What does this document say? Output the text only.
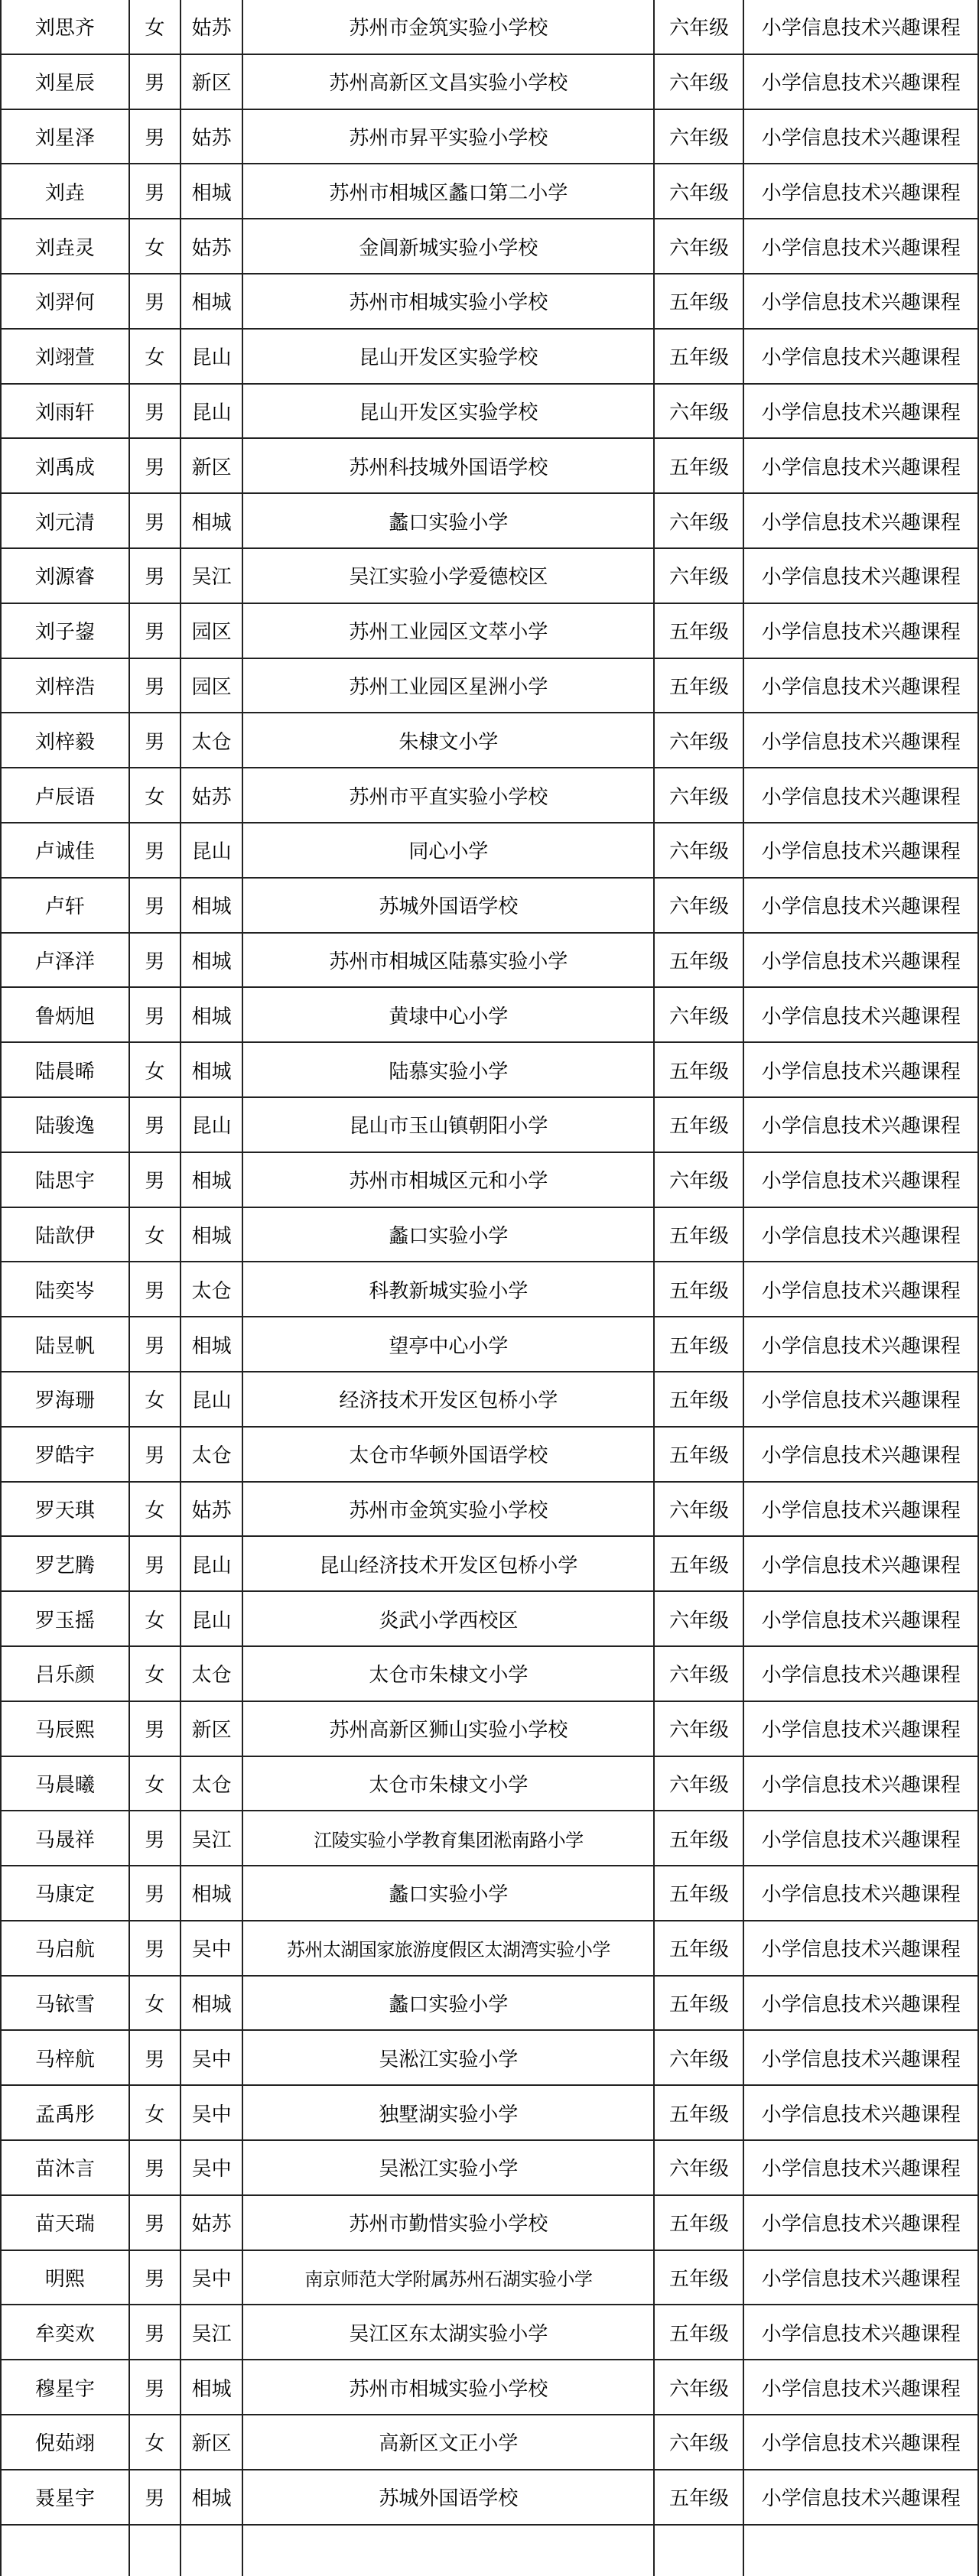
刘思齐	女	姑苏	苏州市金筑实验小学校	六年级	小学信息技术兴趣课程
刘星辰	男	新区	苏州高新区文昌实验小学校	六年级	小学信息技术兴趣课程
刘星泽	男	姑苏	苏州市昇平实验小学校	六年级	小学信息技术兴趣课程
刘垚	男	相城	苏州市相城区蠡口第二小学	六年级	小学信息技术兴趣课程
刘垚灵	女	姑苏	金阊新城实验小学校	六年级	小学信息技术兴趣课程
刘羿何	男	相城	苏州市相城实验小学校	五年级	小学信息技术兴趣课程
刘翊萱	女	昆山	昆山开发区实验学校	五年级	小学信息技术兴趣课程
刘雨轩	男	昆山	昆山开发区实验学校	六年级	小学信息技术兴趣课程
刘禹成	男	新区	苏州科技城外国语学校	五年级	小学信息技术兴趣课程
刘元清	男	相城	蠡口实验小学	六年级	小学信息技术兴趣课程
刘源睿	男	吴江	吴江实验小学爱德校区	六年级	小学信息技术兴趣课程
刘子鋆	男	园区	苏州工业园区文萃小学	五年级	小学信息技术兴趣课程
刘梓浩	男	园区	苏州工业园区星洲小学	五年级	小学信息技术兴趣课程
刘梓毅	男	太仓	朱棣文小学	六年级	小学信息技术兴趣课程
卢辰语	女	姑苏	苏州市平直实验小学校	六年级	小学信息技术兴趣课程
卢诚佳	男	昆山	同心小学	六年级	小学信息技术兴趣课程
卢轩	男	相城	苏城外国语学校	六年级	小学信息技术兴趣课程
卢泽洋	男	相城	苏州市相城区陆慕实验小学	五年级	小学信息技术兴趣课程
鲁炳旭	男	相城	黄埭中心小学	六年级	小学信息技术兴趣课程
陆晨晞	女	相城	陆慕实验小学	五年级	小学信息技术兴趣课程
陆骏逸	男	昆山	昆山市玉山镇朝阳小学	五年级	小学信息技术兴趣课程
陆思宇	男	相城	苏州市相城区元和小学	六年级	小学信息技术兴趣课程
陆歆伊	女	相城	蠡口实验小学	五年级	小学信息技术兴趣课程
陆奕岑	男	太仓	科教新城实验小学	五年级	小学信息技术兴趣课程
陆昱帆	男	相城	望亭中心小学	五年级	小学信息技术兴趣课程
罗海珊	女	昆山	经济技术开发区包桥小学	五年级	小学信息技术兴趣课程
罗皓宇	男	太仓	太仓市华顿外国语学校	五年级	小学信息技术兴趣课程
罗天琪	女	姑苏	苏州市金筑实验小学校	六年级	小学信息技术兴趣课程
罗艺腾	男	昆山	昆山经济技术开发区包桥小学	五年级	小学信息技术兴趣课程
罗玉摇	女	昆山	炎武小学西校区	六年级	小学信息技术兴趣课程
吕乐颜	女	太仓	太仓市朱棣文小学	六年级	小学信息技术兴趣课程
马辰熙	男	新区	苏州高新区狮山实验小学校	六年级	小学信息技术兴趣课程
马晨曦	女	太仓	太仓市朱棣文小学	六年级	小学信息技术兴趣课程
马晟祥	男	吴江	江陵实验小学教育集团淞南路小学	五年级	小学信息技术兴趣课程
马康定	男	相城	蠡口实验小学	五年级	小学信息技术兴趣课程
马启航	男	吴中	苏州太湖国家旅游度假区太湖湾实验小学	五年级	小学信息技术兴趣课程
马铱雪	女	相城	蠡口实验小学	五年级	小学信息技术兴趣课程
马梓航	男	吴中	吴淞江实验小学	六年级	小学信息技术兴趣课程
孟禹彤	女	吴中	独墅湖实验小学	五年级	小学信息技术兴趣课程
苗沐言	男	吴中	吴淞江实验小学	六年级	小学信息技术兴趣课程
苗天瑞	男	姑苏	苏州市勤惜实验小学校	五年级	小学信息技术兴趣课程
明熙	男	吴中	南京师范大学附属苏州石湖实验小学	五年级	小学信息技术兴趣课程
牟奕欢	男	吴江	吴江区东太湖实验小学	五年级	小学信息技术兴趣课程
穆星宇	男	相城	苏州市相城实验小学校	六年级	小学信息技术兴趣课程
倪茹翊	女	新区	高新区文正小学	六年级	小学信息技术兴趣课程
聂星宇	男	相城	苏城外国语学校	五年级	小学信息技术兴趣课程
